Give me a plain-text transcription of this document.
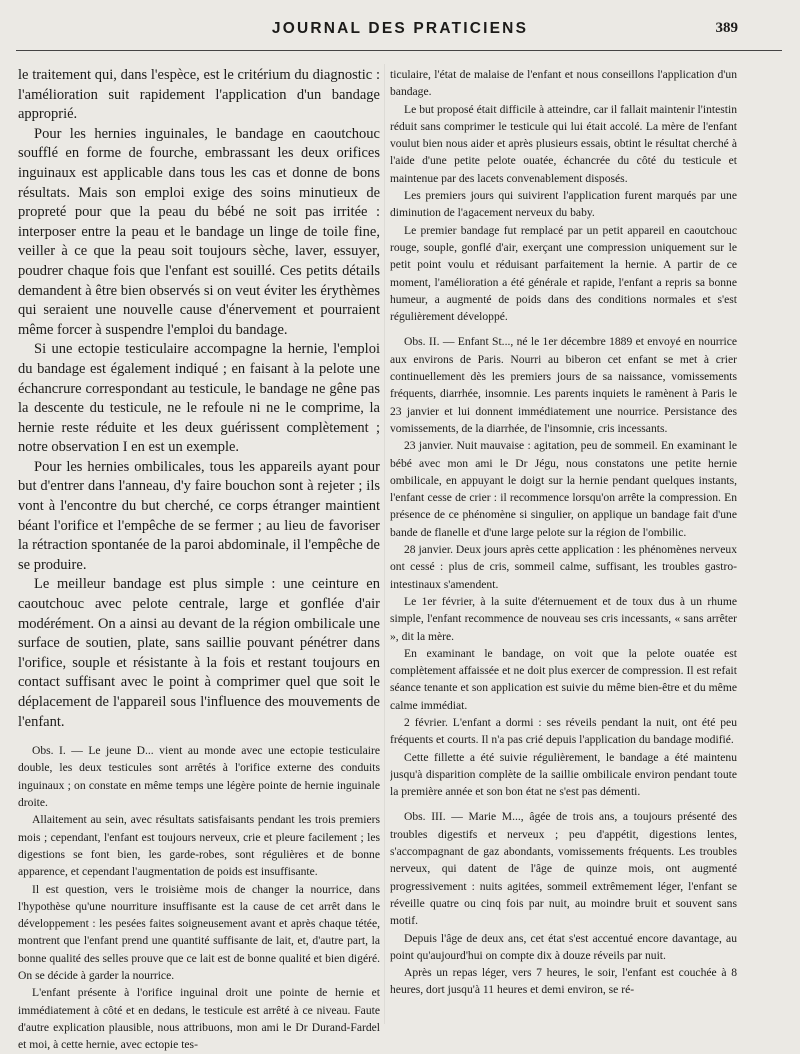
JOURNAL DES PRATICIENS	389

le traitement qui, dans l'espèce, est le critérium du diagnostic : l'amélioration suit rapidement l'application d'un bandage approprié.

Pour les hernies inguinales, le bandage en caoutchouc soufflé en forme de fourche, embrassant les deux orifices inguinaux est applicable dans tous les cas et donne de bons résultats. Mais son emploi exige des soins minutieux de propreté pour que la peau du bébé ne soit pas irritée : interposer entre la peau et le bandage un linge de toile fine, veiller à ce que la peau soit toujours sèche, laver, essuyer, poudrer chaque fois que l'enfant est souillé. Ces petits détails demandent à être bien observés si on veut éviter les érythèmes qui seraient une nouvelle cause d'énervement et pourraient même forcer à suspendre l'emploi du bandage.

Si une ectopie testiculaire accompagne la hernie, l'emploi du bandage est également indiqué ; en faisant à la pelote une échancrure correspondant au testicule, le bandage ne gêne pas la descente du testicule, ne le refoule ni ne le comprime, la hernie reste réduite et les deux guérissent complètement ; notre observation I en est un exemple.

Pour les hernies ombilicales, tous les appareils ayant pour but d'entrer dans l'anneau, d'y faire bouchon sont à rejeter ; ils vont à l'encontre du but cherché, ce corps étranger maintient béant l'orifice et l'empêche de se fermer ; au lieu de favoriser la rétraction spontanée de la paroi abdominale, il l'empêche de se produire.

Le meilleur bandage est plus simple : une ceinture en caoutchouc avec pelote centrale, large et gonflée d'air modérément. On a ainsi au devant de la région ombilicale une surface de soutien, plate, sans saillie pouvant pénétrer dans l'orifice, souple et résistante à la fois et restant toujours en contact suffisant avec le point à comprimer quel que soit le déplacement de l'appareil sous l'influence des mouvements de l'enfant.

Obs. I. — Le jeune D... vient au monde avec une ectopie testiculaire double, les deux testicules sont arrêtés à l'orifice externe des conduits inguinaux ; on constate en même temps une légère pointe de hernie inguinale droite.

Allaitement au sein, avec résultats satisfaisants pendant les trois premiers mois ; cependant, l'enfant est toujours nerveux, crie et pleure facilement ; les digestions se font bien, les garde-robes, sont régulières et de bonne apparence, et cependant l'augmentation de poids est insuffisante.

Il est question, vers le troisième mois de changer la nourrice, dans l'hypothèse qu'une nourriture insuffisante est la cause de cet arrêt dans le développement : les pesées faites soigneusement avant et après chaque tétée, montrent que l'enfant prend une quantité suffisante de lait, et, d'autre part, la bonne qualité des selles prouve que ce lait est de bonne qualité et bien digéré. On se décide à garder la nourrice.

L'enfant présente à l'orifice inguinal droit une pointe de hernie et immédiatement à côté et en dedans, le testicule est arrêté à ce niveau. Faute d'autre explication plausible, nous attribuons, mon ami le Dr Durand-Fardel et moi, à cette hernie, avec ectopie tes-

ticulaire, l'état de malaise de l'enfant et nous conseillons l'application d'un bandage.

Le but proposé était difficile à atteindre, car il fallait maintenir l'intestin réduit sans comprimer le testicule qui lui était accolé. La mère de l'enfant voulut bien nous aider et après plusieurs essais, obtint le résultat cherché à l'aide d'une petite pelote ouatée, échancrée du côté du testicule et maintenue par des lacets convenablement disposés.

Les premiers jours qui suivirent l'application furent marqués par une diminution de l'agacement nerveux du baby.

Le premier bandage fut remplacé par un petit appareil en caoutchouc rouge, souple, gonflé d'air, exerçant une compression uniquement sur le petit point voulu et réduisant parfaitement la hernie. A partir de ce moment, l'amélioration a été générale et rapide, l'enfant a repris sa bonne humeur, a augmenté de poids dans des conditions normales et s'est régulièrement développé.

Obs. II. — Enfant St..., né le 1er décembre 1889 et envoyé en nourrice aux environs de Paris. Nourri au biberon cet enfant se met à crier continuellement dès les premiers jours de sa naissance, vomissements fréquents, diarrhée, insomnie. Les parents inquiets le ramènent à Paris le 23 janvier et lui donnent immédiatement une nourrice. Persistance des vomissements, de la diarrhée, de l'insomnie, cris incessants.

23 janvier. Nuit mauvaise : agitation, peu de sommeil. En examinant le bébé avec mon ami le Dr Jégu, nous constatons une petite hernie ombilicale, en appuyant le doigt sur la hernie pendant quelques instants, l'enfant cesse de crier : il recommence lorsqu'on arrête la compression. En présence de ce phénomène si singulier, on applique un bandage fait d'une bande de flanelle et d'une large pelote sur la région de l'ombilic.

28 janvier. Deux jours après cette application : les phénomènes nerveux ont cessé : plus de cris, sommeil calme, suffisant, les troubles gastro-intestinaux s'amendent.

Le 1er février, à la suite d'éternuement et de toux dus à un rhume simple, l'enfant recommence de nouveau ses cris incessants, « sans arrêter », dit la mère.

En examinant le bandage, on voit que la pelote ouatée est complètement affaissée et ne doit plus exercer de compression. Il est refait séance tenante et son application est suivie du même bien-être et du même calme immédiat.

2 février. L'enfant a dormi : ses réveils pendant la nuit, ont été peu fréquents et courts. Il n'a pas crié depuis l'application du bandage modifié.

Cette fillette a été suivie régulièrement, le bandage a été maintenu jusqu'à disparition complète de la saillie ombilicale environ pendant toute la première année et son bon état ne s'est pas démenti.

Obs. III. — Marie M..., âgée de trois ans, a toujours présenté des troubles digestifs et nerveux ; peu d'appétit, digestions lentes, s'accompagnant de gaz abondants, vomissements fréquents. Les troubles nerveux, qui datent de l'âge de quinze mois, ont augmenté progressivement : nuits agitées, sommeil extrêmement léger, l'enfant se réveille quatre ou cinq fois par nuit, au moindre bruit et souvent sans motif.

Depuis l'âge de deux ans, cet état s'est accentué encore davantage, au point qu'aujourd'hui on compte dix à douze réveils par nuit.

Après un repas léger, vers 7 heures, le soir, l'enfant est couchée à 8 heures, dort jusqu'à 11 heures et demi environ, se ré-
